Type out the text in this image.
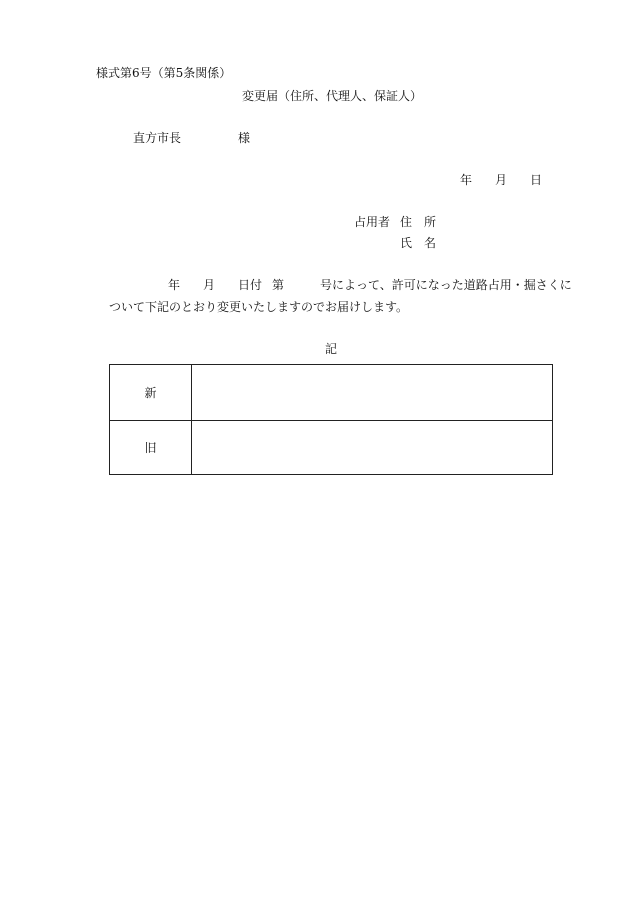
様式第6号（第5条関係）
変更届（住所、代理人、保証人）
直方市長	様
年 月 日
占用者 住　所
氏　名
年 月 日付 第	号によって、許可になった道路占用・掘さくに
ついて下記のとおり変更いたしますのでお届けします。
記
新
旧
